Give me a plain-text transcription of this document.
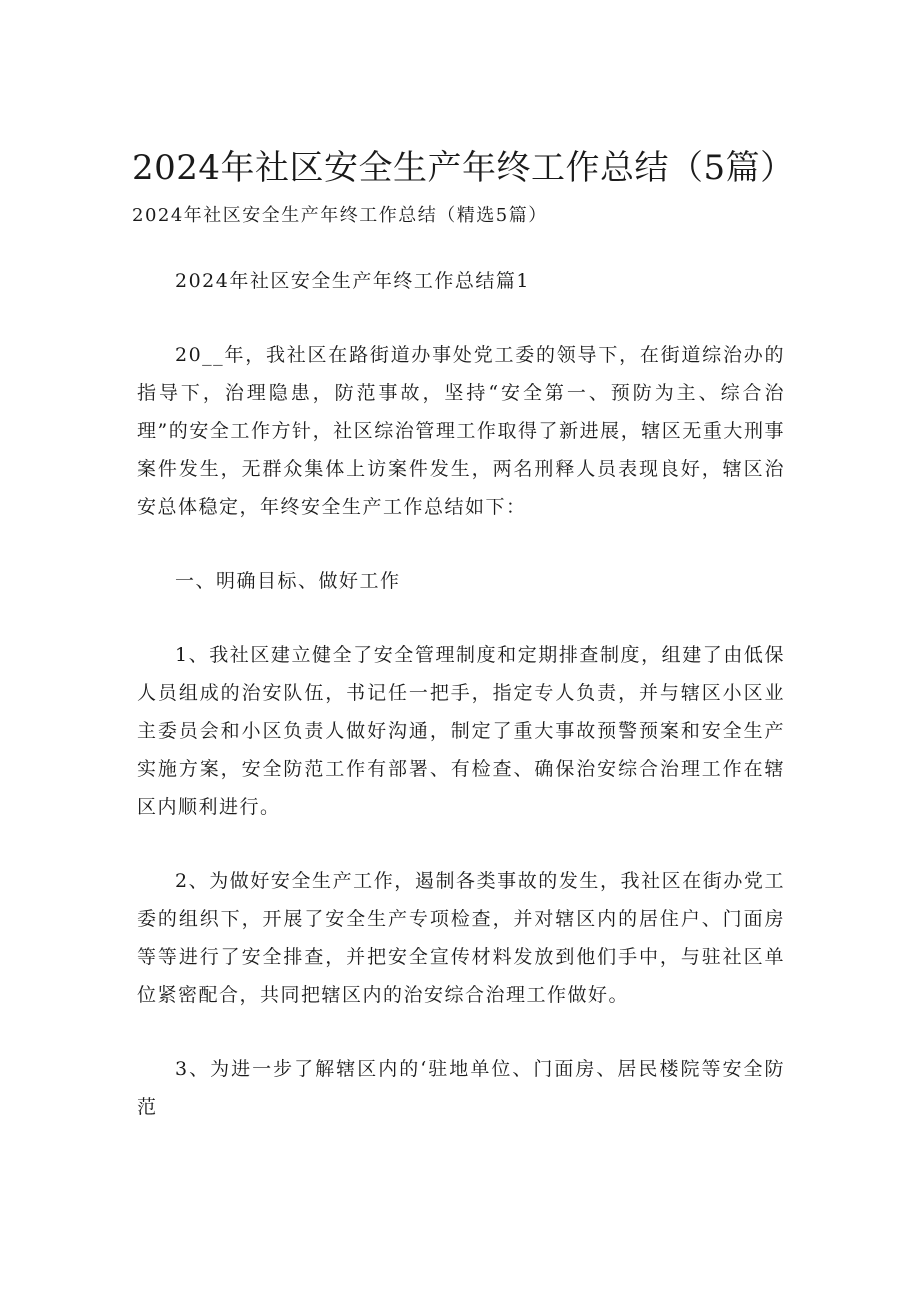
2024年社区安全生产年终工作总结（5篇）
2024年社区安全生产年终工作总结（精选5篇）

2024年社区安全生产年终工作总结篇1

20__年，我社区在路街道办事处党工委的领导下，在街道综治办的指导下，治理隐患，防范事故，坚持“安全第一、预防为主、综合治理”的安全工作方针，社区综治管理工作取得了新进展，辖区无重大刑事案件发生，无群众集体上访案件发生，两名刑释人员表现良好，辖区治安总体稳定，年终安全生产工作总结如下：

一、明确目标、做好工作

1、我社区建立健全了安全管理制度和定期排查制度，组建了由低保人员组成的治安队伍，书记任一把手，指定专人负责，并与辖区小区业主委员会和小区负责人做好沟通，制定了重大事故预警预案和安全生产实施方案，安全防范工作有部署、有检查、确保治安综合治理工作在辖区内顺利进行。

2、为做好安全生产工作，遏制各类事故的发生，我社区在街办党工委的组织下，开展了安全生产专项检查，并对辖区内的居住户、门面房等等进行了安全排查，并把安全宣传材料发放到他们手中，与驻社区单位紧密配合，共同把辖区内的治安综合治理工作做好。

3、为进一步了解辖区内的‘驻地单位、门面房、居民楼院等安全防范
